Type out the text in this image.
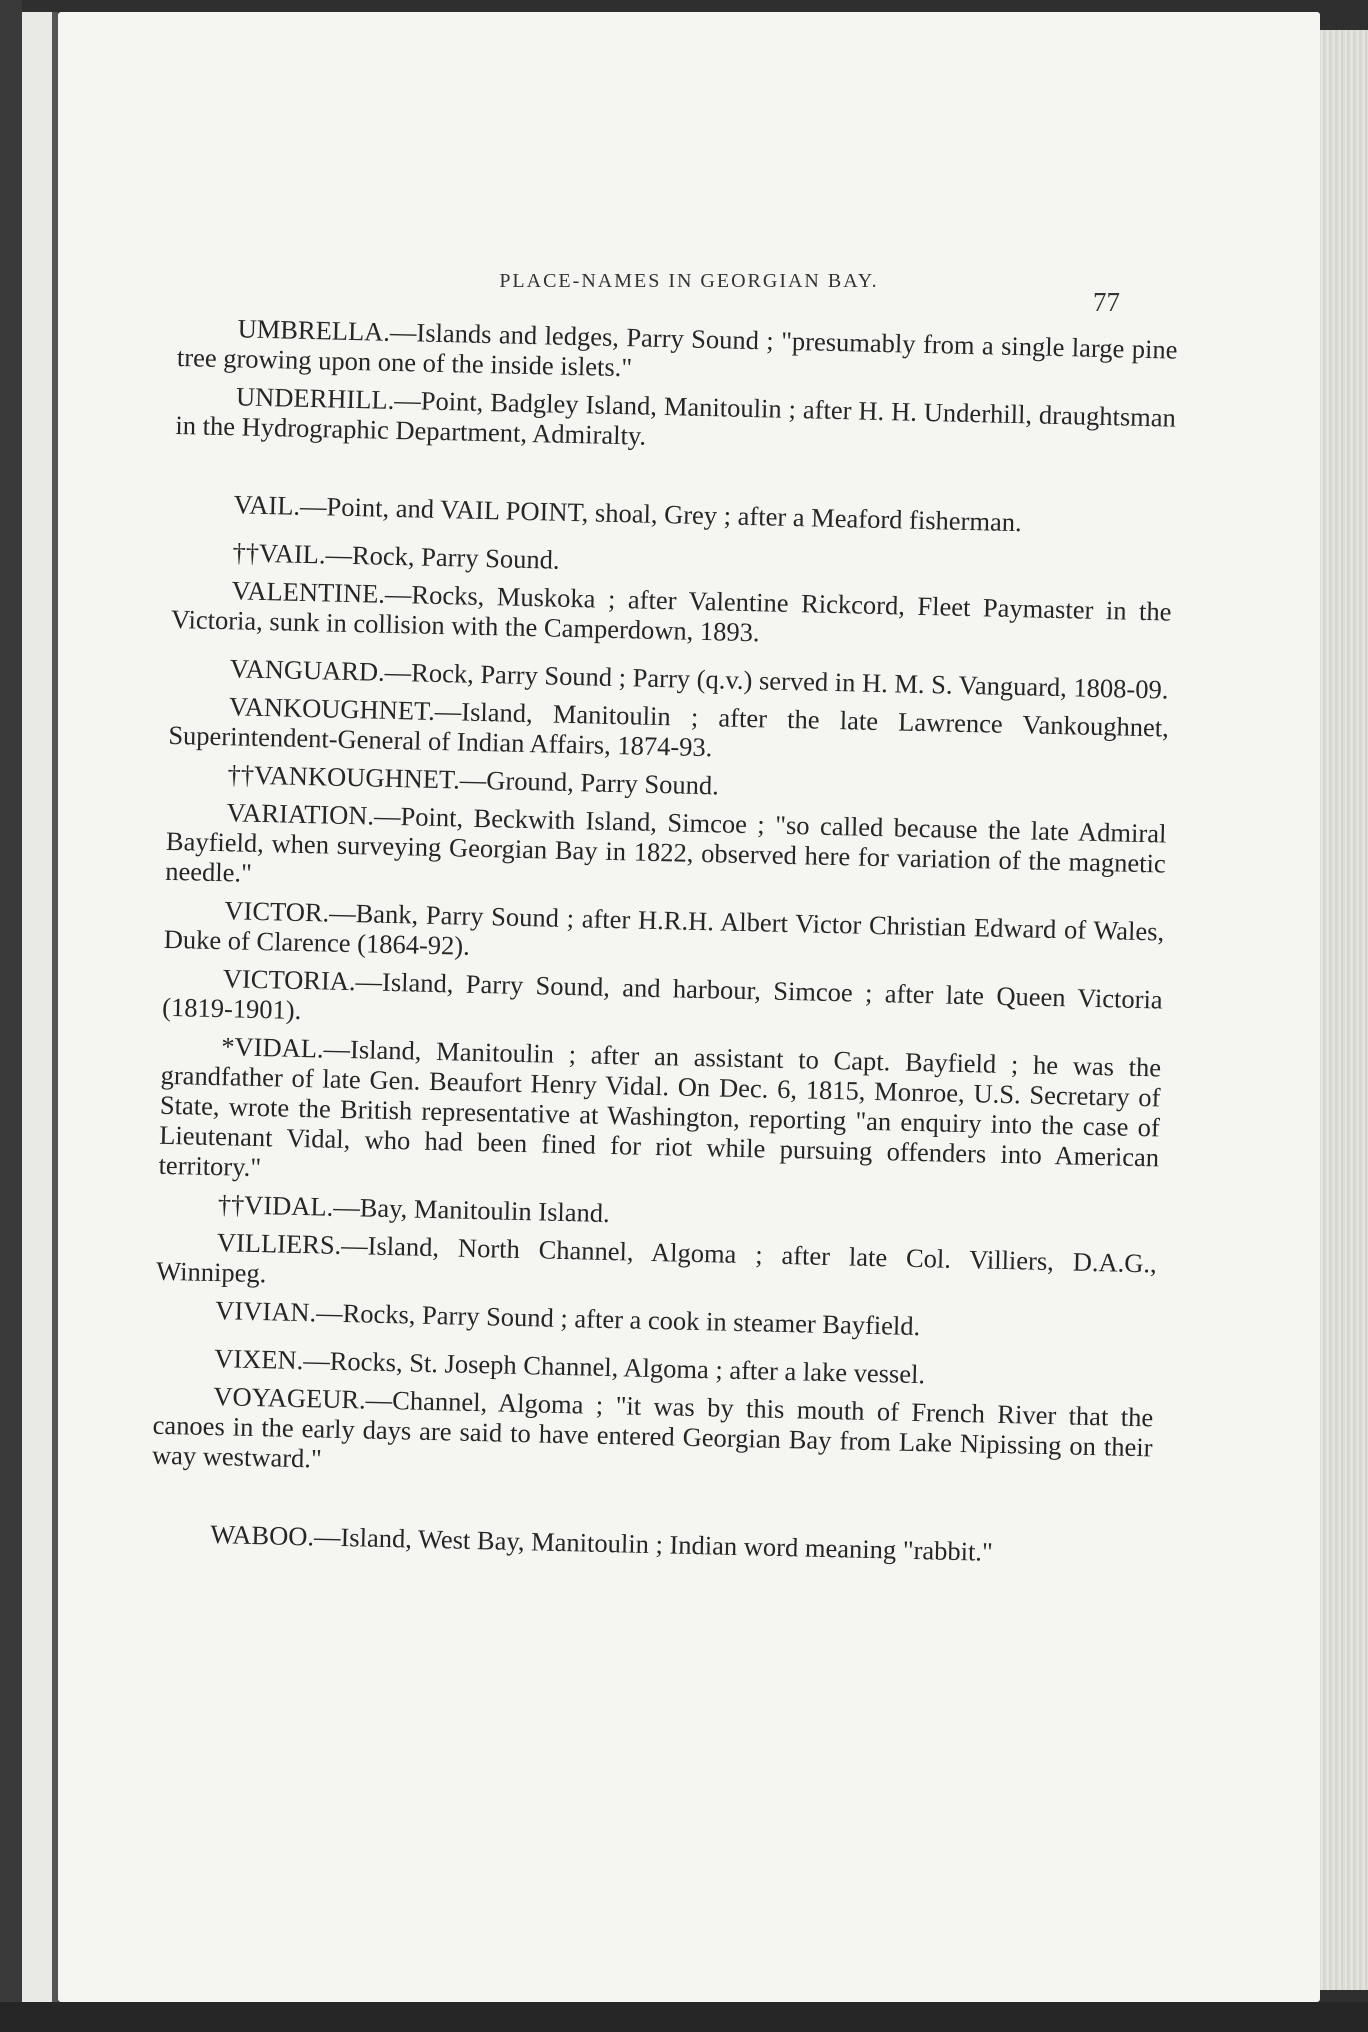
PLACE-NAMES IN GEORGIAN BAY.
77

UMBRELLA.—Islands and ledges, Parry Sound ; "presumably from a single large pine tree growing upon one of the inside islets."

UNDERHILL.—Point, Badgley Island, Manitoulin ; after H. H. Underhill, draughtsman in the Hydrographic Department, Admiralty.

VAIL.—Point, and VAIL POINT, shoal, Grey ; after a Meaford fisherman.

††VAIL.—Rock, Parry Sound.

VALENTINE.—Rocks, Muskoka ; after Valentine Rickcord, Fleet Paymaster in the Victoria, sunk in collision with the Camperdown, 1893.

VANGUARD.—Rock, Parry Sound ; Parry (q.v.) served in H. M. S. Vanguard, 1808-09.

VANKOUGHNET.—Island, Manitoulin ; after the late Lawrence Vankoughnet, Superintendent-General of Indian Affairs, 1874-93.

††VANKOUGHNET.—Ground, Parry Sound.

VARIATION.—Point, Beckwith Island, Simcoe ; "so called because the late Admiral Bayfield, when surveying Georgian Bay in 1822, observed here for variation of the magnetic needle."

VICTOR.—Bank, Parry Sound ; after H.R.H. Albert Victor Christian Edward of Wales, Duke of Clarence (1864-92).

VICTORIA.—Island, Parry Sound, and harbour, Simcoe ; after late Queen Victoria (1819-1901).

*VIDAL.—Island, Manitoulin ; after an assistant to Capt. Bayfield ; he was the grandfather of late Gen. Beaufort Henry Vidal. On Dec. 6, 1815, Monroe, U.S. Secretary of State, wrote the British representative at Washington, reporting "an enquiry into the case of Lieutenant Vidal, who had been fined for riot while pursuing offenders into American territory."

††VIDAL.—Bay, Manitoulin Island.

VILLIERS.—Island, North Channel, Algoma ; after late Col. Villiers, D.A.G., Winnipeg.

VIVIAN.—Rocks, Parry Sound ; after a cook in steamer Bayfield.

VIXEN.—Rocks, St. Joseph Channel, Algoma ; after a lake vessel.

VOYAGEUR.—Channel, Algoma ; "it was by this mouth of French River that the canoes in the early days are said to have entered Georgian Bay from Lake Nipissing on their way westward."

WABOO.—Island, West Bay, Manitoulin ; Indian word meaning "rabbit."
